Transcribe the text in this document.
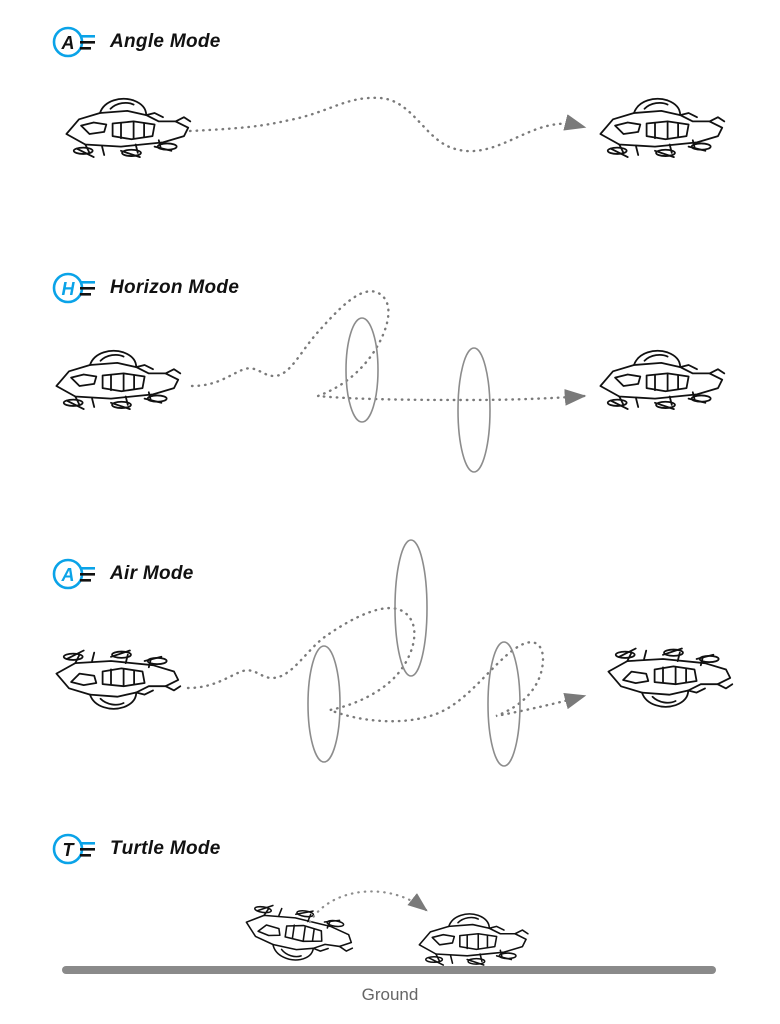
A Angle Mode
H Horizon Mode
A Air Mode
T Turtle Mode
Ground
